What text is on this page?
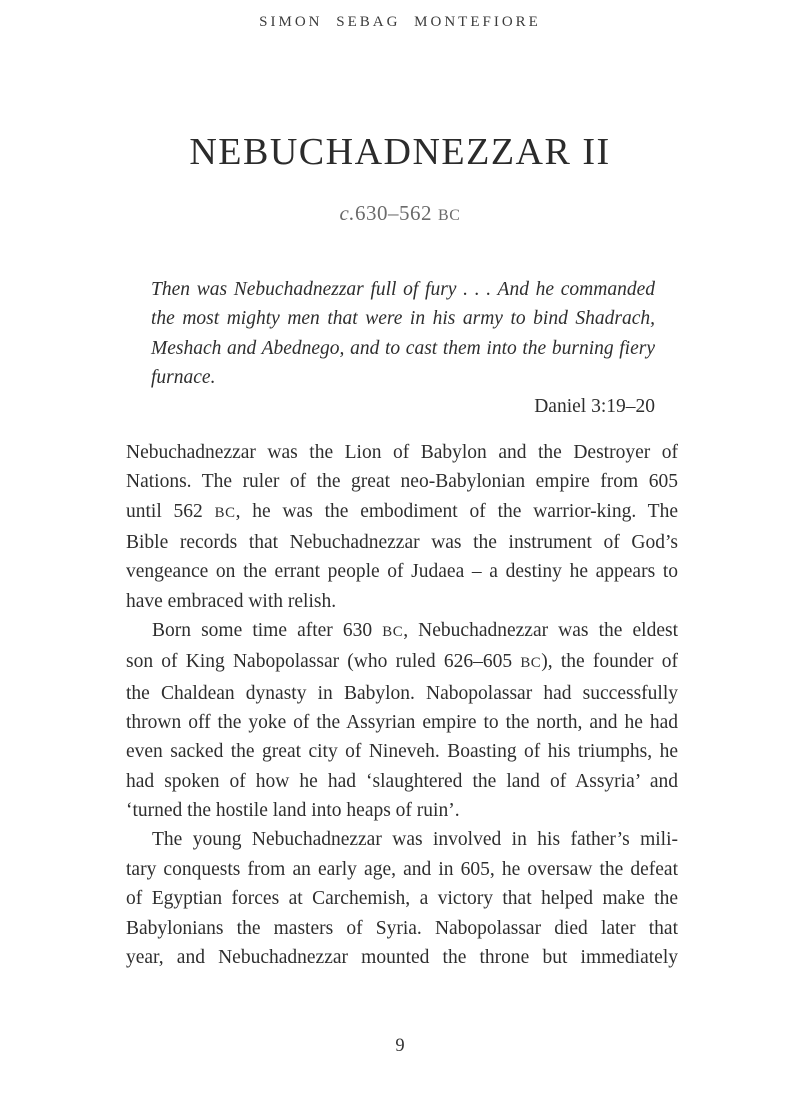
SIMON SEBAG MONTEFIORE
NEBUCHADNEZZAR II
c.630–562 BC
Then was Nebuchadnezzar full of fury . . . And he commanded
the most mighty men that were in his army to bind Shadrach,
Meshach and Abednego, and to cast them into the burning fiery
furnace.
Daniel 3:19–20
Nebuchadnezzar was the Lion of Babylon and the Destroyer of
Nations. The ruler of the great neo-Babylonian empire from 605
until 562 BC, he was the embodiment of the warrior-king. The
Bible records that Nebuchadnezzar was the instrument of God’s
vengeance on the errant people of Judaea – a destiny he appears to
have embraced with relish.
Born some time after 630 BC, Nebuchadnezzar was the eldest
son of King Nabopolassar (who ruled 626–605 BC), the founder of
the Chaldean dynasty in Babylon. Nabopolassar had successfully
thrown off the yoke of the Assyrian empire to the north, and he had
even sacked the great city of Nineveh. Boasting of his triumphs, he
had spoken of how he had ‘slaughtered the land of Assyria’ and
‘turned the hostile land into heaps of ruin’.
The young Nebuchadnezzar was involved in his father’s mili-
tary conquests from an early age, and in 605, he oversaw the defeat
of Egyptian forces at Carchemish, a victory that helped make the
Babylonians the masters of Syria. Nabopolassar died later that
year, and Nebuchadnezzar mounted the throne but immediately
9
